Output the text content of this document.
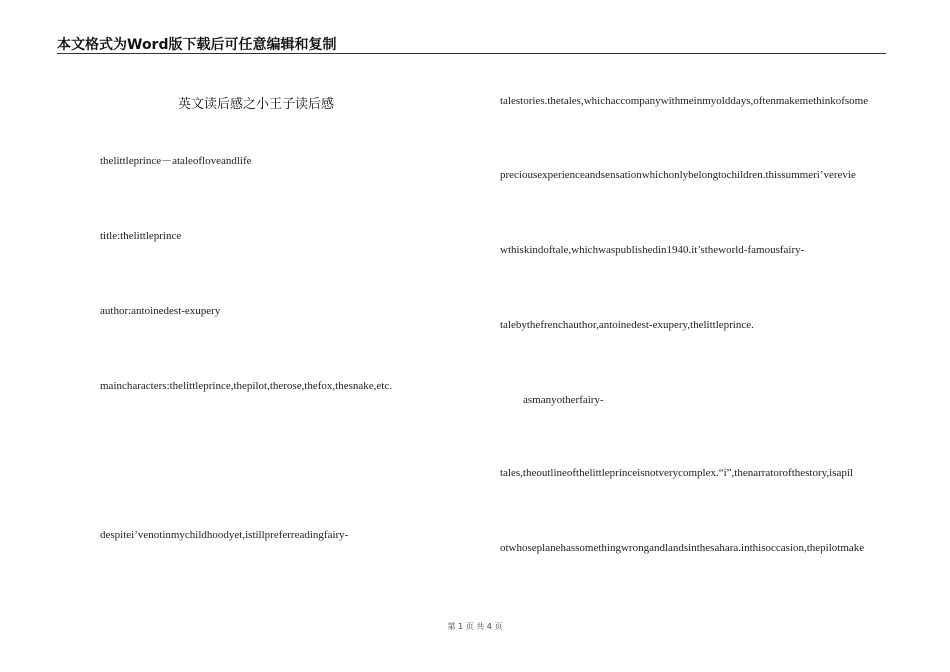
本文格式为Word版下载后可任意编辑和复制
英文读后感之小王子读后感
thelittleprince－ataleofloveandlife
title:thelittleprince
author:antoinedest-exupery
maincharacters:thelittleprince,thepilot,therose,thefox,thesnake,etc.
despitei’venotinmychildhoodyet,istillpreferreadingfairy-
talestories.thetales,whichaccompanywithmeinmyolddays,oftenmakemethinkofsome
preciousexperienceandsensationwhichonlybelongtochildren.thissummeri’vereviе
wthiskindoftale,whichwaspublishedin1940.it’stheworld-famousfairy-
talebythefrenchauthor,antoinedest-exupery,thelittleprince.
asmanyotherfairy-
tales,theoutlineofthelittleprinceisnotverycomplex.“i”,thenarratorofthestory,isapil
otwhoseplanehassomethingwrongandlandsinthesahara.inthisoccasion,thepilotmake
第 1 页 共 4 页
